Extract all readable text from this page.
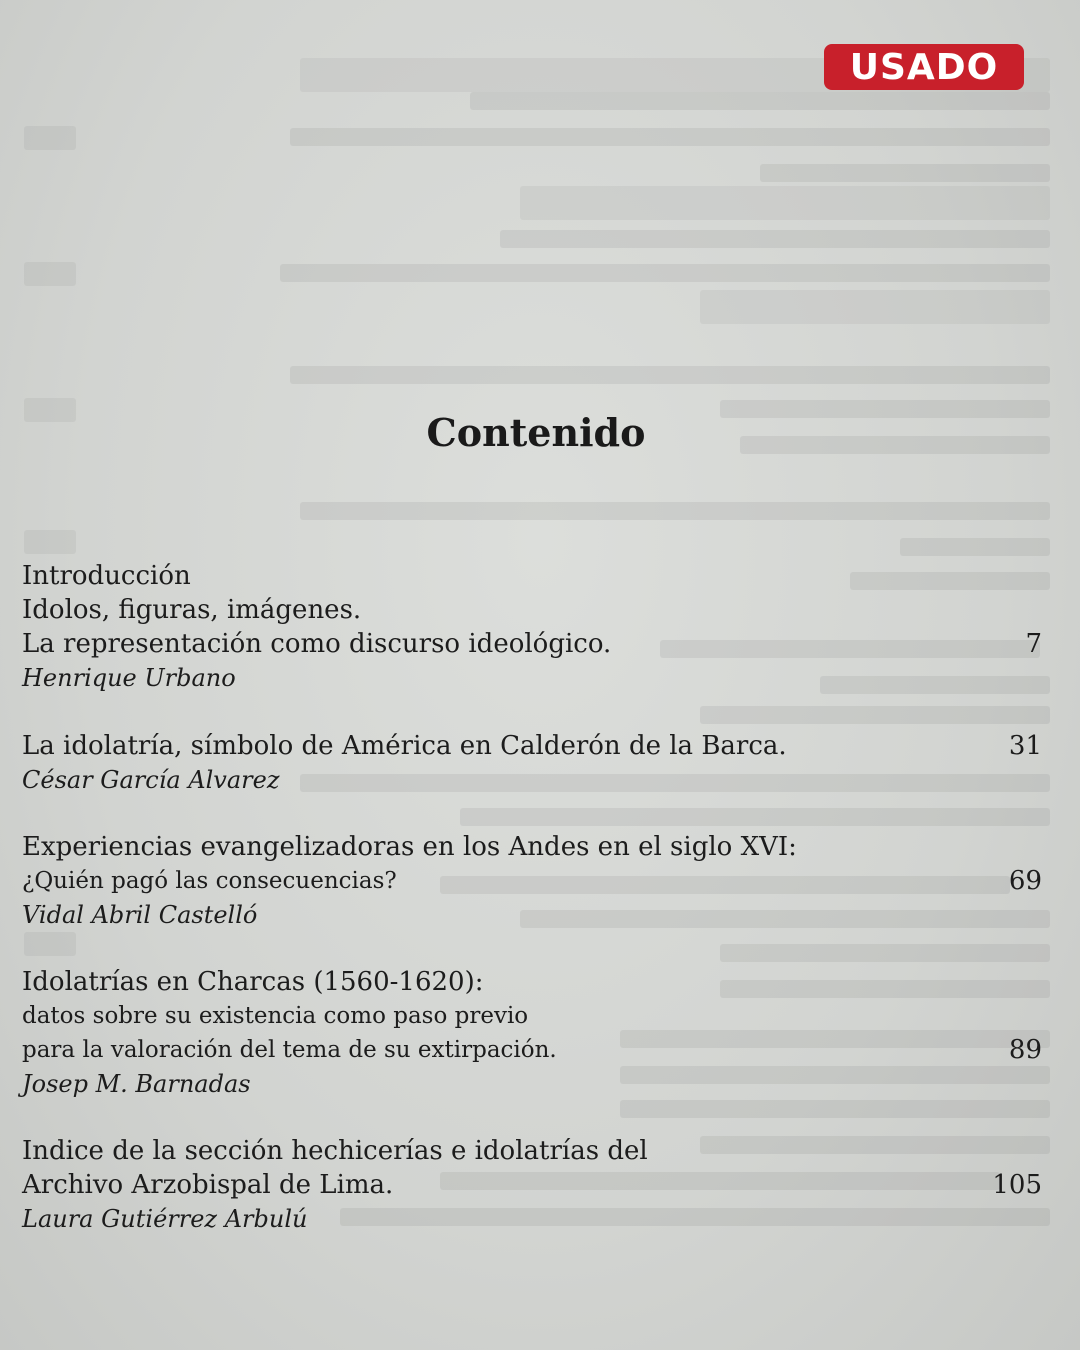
USADO
Contenido
Introducción
Idolos, figuras, imágenes.
La representación como discurso ideológico.	7
Henrique Urbano
La idolatría, símbolo de América en Calderón de la Barca.	31
César García Alvarez
Experiencias evangelizadoras en los Andes en el siglo XVI:
¿Quién pagó las consecuencias?	69
Vidal Abril Castelló
Idolatrías en Charcas (1560-1620):
datos sobre su existencia como paso previo
para la valoración del tema de su extirpación.	89
Josep M. Barnadas
Indice de la sección hechicerías e idolatrías del
Archivo Arzobispal de Lima.	105
Laura Gutiérrez Arbulú
